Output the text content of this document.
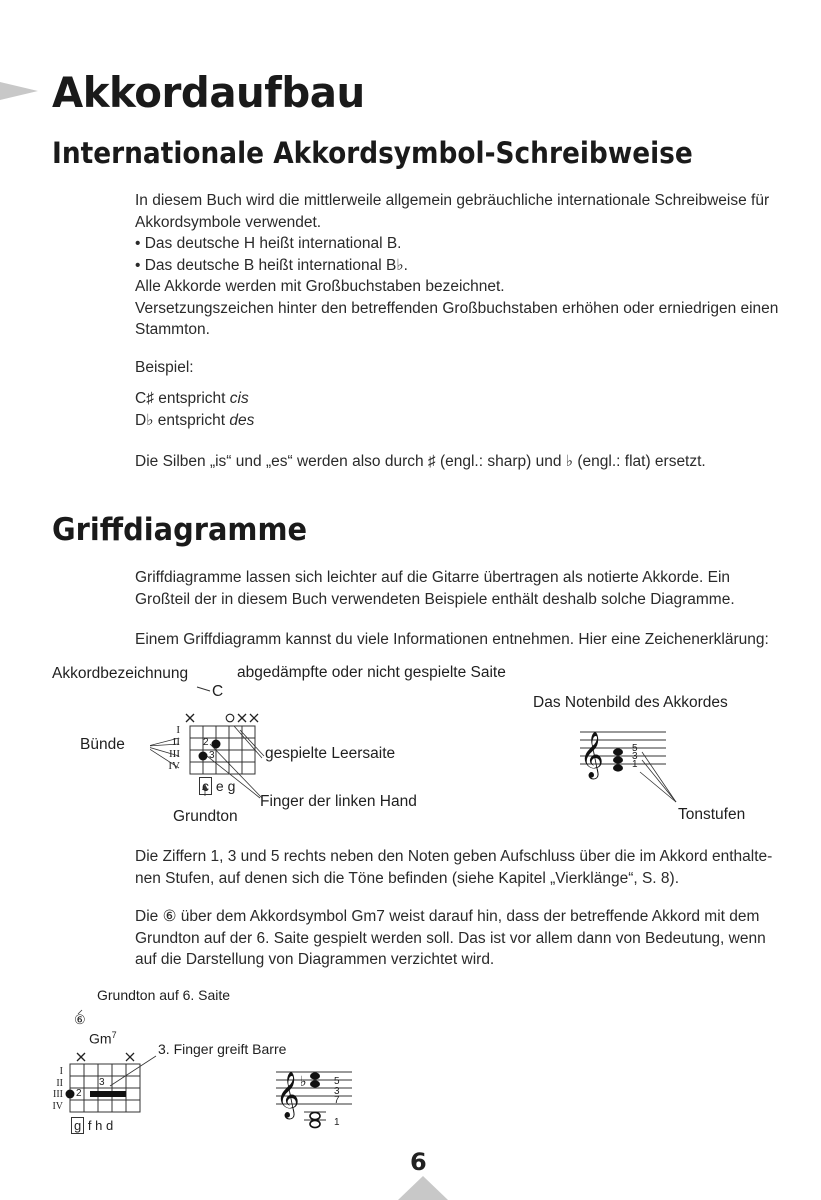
Akkordaufbau
Internationale Akkordsymbol-Schreibweise

In diesem Buch wird die mittlerweile allgemein gebräuchliche internationale Schreibweise für

Akkordsymbole verwendet.

• Das deutsche H heißt international B.

• Das deutsche B heißt international B♭.

Alle Akkorde werden mit Großbuchstaben bezeichnet.

Versetzungszeichen hinter den betreffenden Großbuchstaben erhöhen oder erniedrigen einen

Stammton.

Beispiel:

C♯ entspricht cis

D♭ entspricht des

Die Silben „is“ und „es“ werden also durch ♯ (engl.: sharp) und ♭ (engl.: flat) ersetzt.
Griffdiagramme

Griffdiagramme lassen sich leichter auf die Gitarre übertragen als notierte Akkorde. Ein

Großteil der in diesem Buch verwendeten Beispiele enthält deshalb solche Diagramme.

Einem Griffdiagramm kannst du viele Informationen entnehmen. Hier eine Zeichenerklärung:
Akkordbezeichnung	abgedämpfte oder nicht gespielte Saite
C
Bünde
gespielte Leersaite
Finger der linken Hand
Grundton
Das Notenbild des Akkordes
Tonstufen
I
II
III
IV
2
3
c e g
𝄞	5
3
1

Die Ziffern 1, 3 und 5 rechts neben den Noten geben Aufschluss über die im Akkord enthalte-

nen Stufen, auf denen sich die Töne befinden (siehe Kapitel „Vierklänge“, S. 8).

Die ⑥ über dem Akkordsymbol Gm7 weist darauf hin, dass der betreffende Akkord mit dem

Grundton auf der 6. Saite gespielt werden soll. Das ist vor allem dann von Bedeutung, wenn

auf die Darstellung von Diagrammen verzichtet wird.

Grundton auf 6. Saite
⑥
Gm$^7$
3. Finger greift Barre
I
II
III
IV
2
3
g f h d
𝄞 ♭	5
3
7
1
6
